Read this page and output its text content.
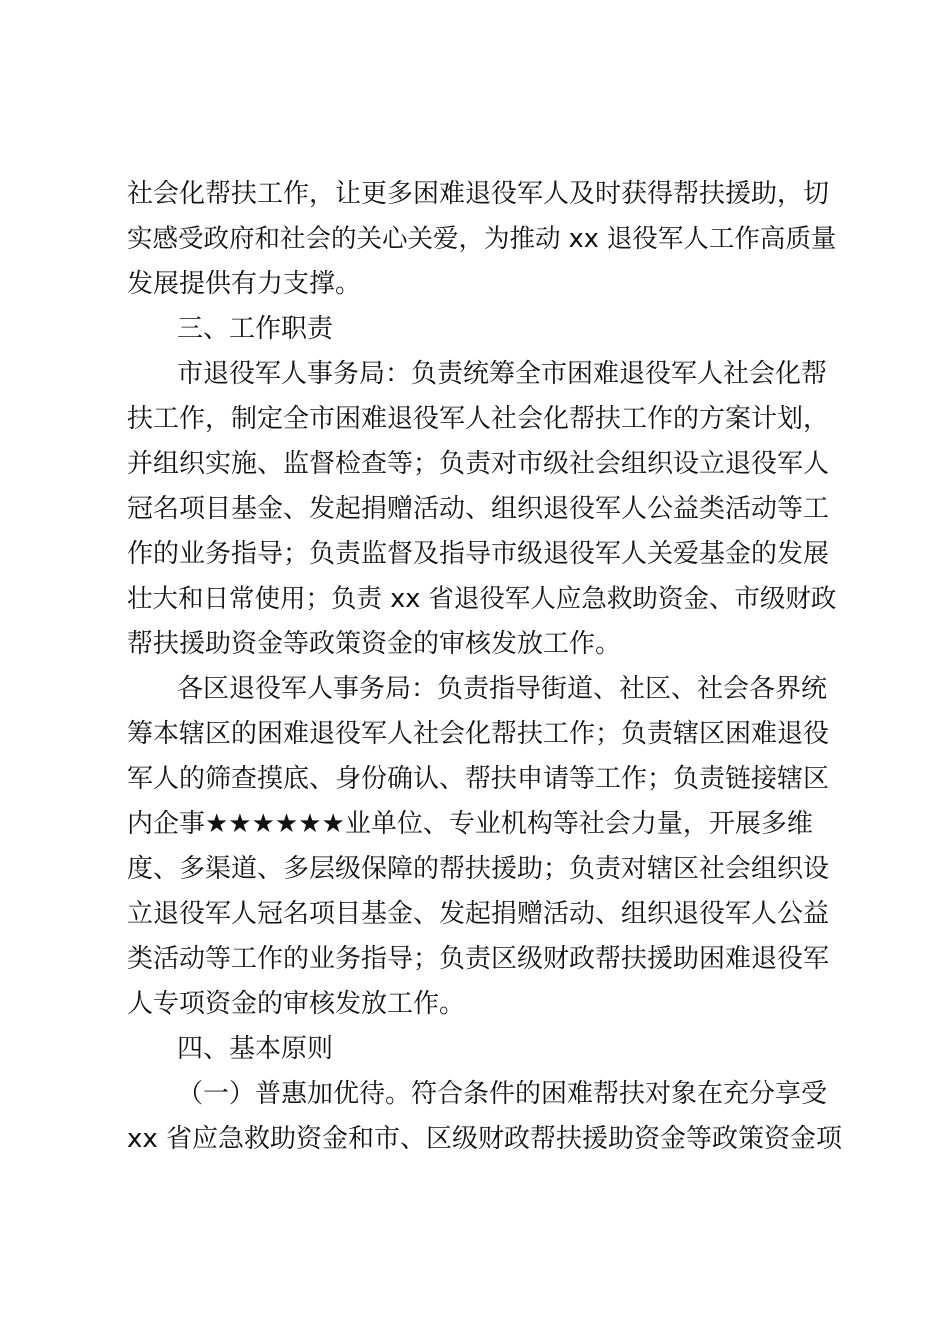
社会化帮扶工作，让更多困难退役军人及时获得帮扶援助，切
实感受政府和社会的关心关爱，为推动 xx 退役军人工作高质量
发展提供有力支撑。
三、工作职责
市退役军人事务局：负责统筹全市困难退役军人社会化帮
扶工作，制定全市困难退役军人社会化帮扶工作的方案计划，
并组织实施、监督检查等；负责对市级社会组织设立退役军人
冠名项目基金、发起捐赠活动、组织退役军人公益类活动等工
作的业务指导；负责监督及指导市级退役军人关爱基金的发展
壮大和日常使用；负责 xx 省退役军人应急救助资金、市级财政
帮扶援助资金等政策资金的审核发放工作。
各区退役军人事务局：负责指导街道、社区、社会各界统
筹本辖区的困难退役军人社会化帮扶工作；负责辖区困难退役
军人的筛查摸底、身份确认、帮扶申请等工作；负责链接辖区
内企事★★★★★★业单位、专业机构等社会力量，开展多维
度、多渠道、多层级保障的帮扶援助；负责对辖区社会组织设
立退役军人冠名项目基金、发起捐赠活动、组织退役军人公益
类活动等工作的业务指导；负责区级财政帮扶援助困难退役军
人专项资金的审核发放工作。
四、基本原则
（一）普惠加优待。符合条件的困难帮扶对象在充分享受
xx 省应急救助资金和市、区级财政帮扶援助资金等政策资金项
